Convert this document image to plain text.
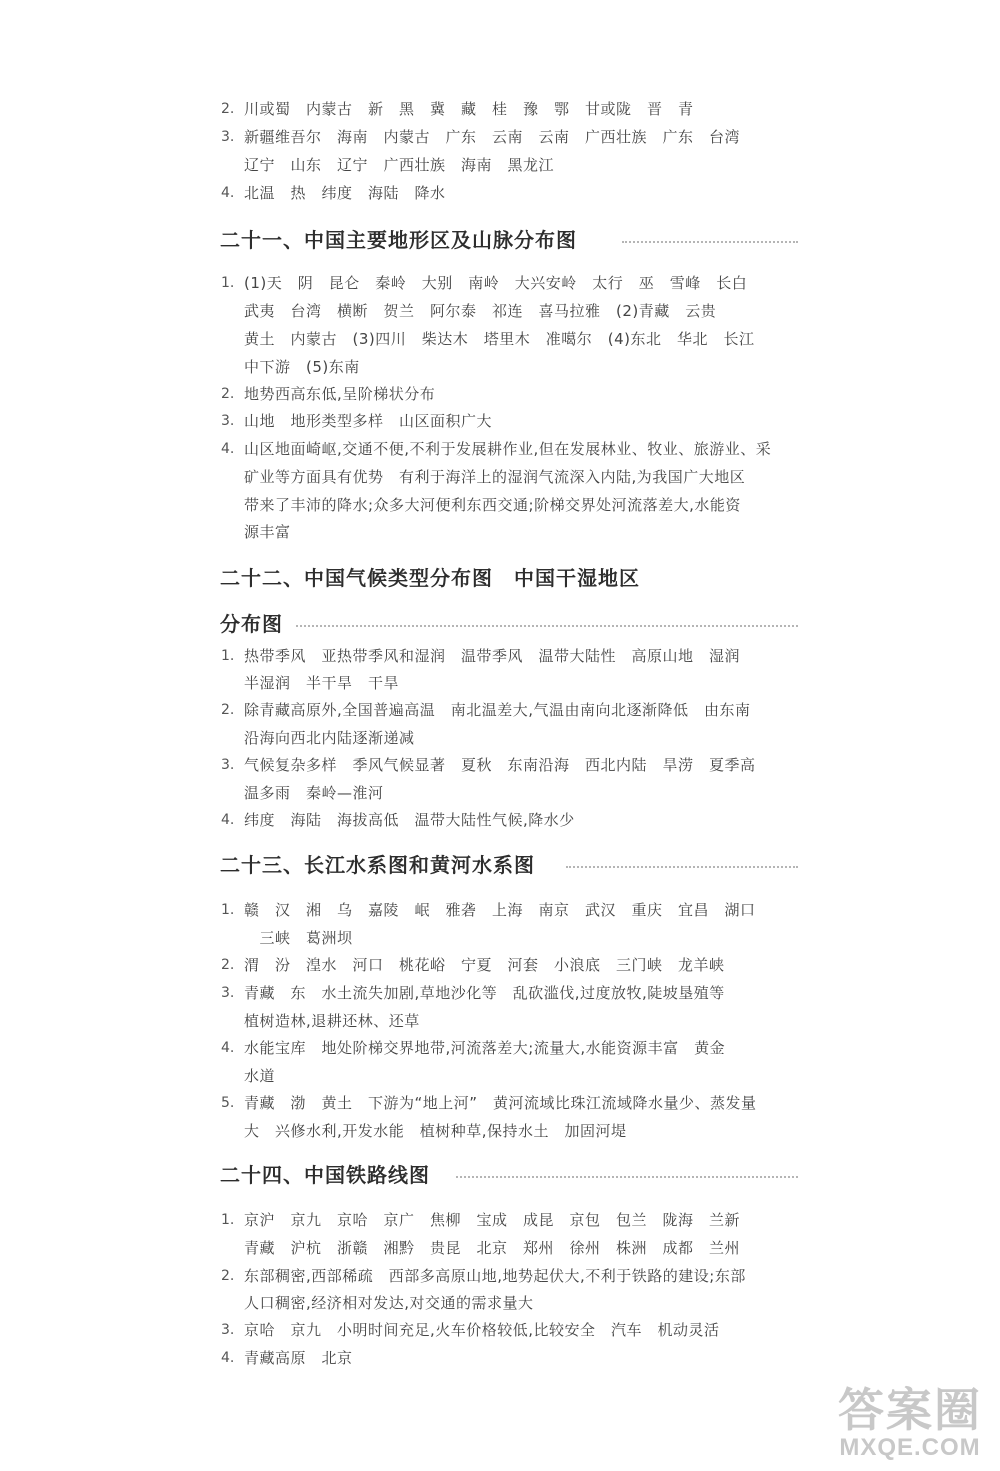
2. 川或蜀　内蒙古　新　黑　冀　藏　桂　豫　鄂　甘或陇　晋　青
3. 新疆维吾尔　海南　内蒙古　广东　云南　云南　广西壮族　广东　台湾
辽宁　山东　辽宁　广西壮族　海南　黑龙江
4. 北温　热　纬度　海陆　降水
二十一、中国主要地形区及山脉分布图
1. (1)天　阴　昆仑　秦岭　大别　南岭　大兴安岭　太行　巫　雪峰　长白
武夷　台湾　横断　贺兰　阿尔泰　祁连　喜马拉雅　(2)青藏　云贵
黄土　内蒙古　(3)四川　柴达木　塔里木　准噶尔　(4)东北　华北　长江
中下游　(5)东南
2. 地势西高东低,呈阶梯状分布
3. 山地　地形类型多样　山区面积广大
4. 山区地面崎岖,交通不便,不利于发展耕作业,但在发展林业、牧业、旅游业、采
矿业等方面具有优势　有利于海洋上的湿润气流深入内陆,为我国广大地区
带来了丰沛的降水;众多大河便利东西交通;阶梯交界处河流落差大,水能资
源丰富
二十二、中国气候类型分布图　中国干湿地区
分布图
1. 热带季风　亚热带季风和湿润　温带季风　温带大陆性　高原山地　湿润
半湿润　半干旱　干旱
2. 除青藏高原外,全国普遍高温　南北温差大,气温由南向北逐渐降低　由东南
沿海向西北内陆逐渐递减
3. 气候复杂多样　季风气候显著　夏秋　东南沿海　西北内陆　旱涝　夏季高
温多雨　秦岭—淮河
4. 纬度　海陆　海拔高低　温带大陆性气候,降水少
二十三、长江水系图和黄河水系图
1. 赣　汉　湘　乌　嘉陵　岷　雅砻　上海　南京　武汉　重庆　宜昌　湖口
　三峡　葛洲坝
2. 渭　汾　湟水　河口　桃花峪　宁夏　河套　小浪底　三门峡　龙羊峡
3. 青藏　东　水土流失加剧,草地沙化等　乱砍滥伐,过度放牧,陡坡垦殖等
植树造林,退耕还林、还草
4. 水能宝库　地处阶梯交界地带,河流落差大;流量大,水能资源丰富　黄金
水道
5. 青藏　渤　黄土　下游为“地上河”　黄河流域比珠江流域降水量少、蒸发量
大　兴修水利,开发水能　植树种草,保持水土　加固河堤
二十四、中国铁路线图
1. 京沪　京九　京哈　京广　焦柳　宝成　成昆　京包　包兰　陇海　兰新
青藏　沪杭　浙赣　湘黔　贵昆　北京　郑州　徐州　株洲　成都　兰州
2. 东部稠密,西部稀疏　西部多高原山地,地势起伏大,不利于铁路的建设;东部
人口稠密,经济相对发达,对交通的需求量大
3. 京哈　京九　小明时间充足,火车价格较低,比较安全　汽车　机动灵活
4. 青藏高原　北京
答案圈
MXQE.COM
